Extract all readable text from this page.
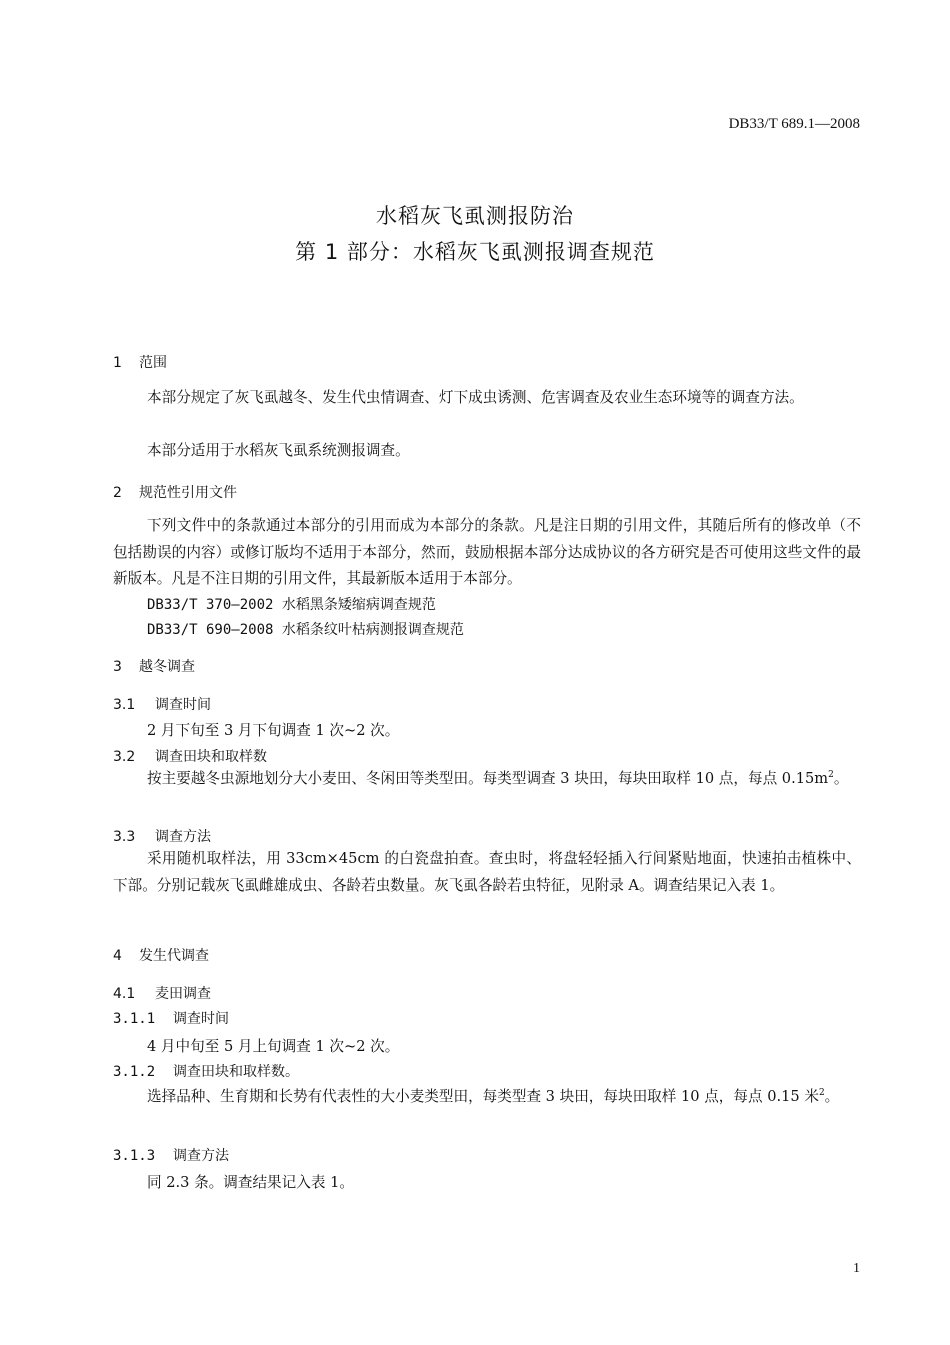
DB33/T 689.1—2008
水稻灰飞虱测报防治
第 1 部分：水稻灰飞虱测报调查规范
1 范围
本部分规定了灰飞虱越冬、发生代虫情调查、灯下成虫诱测、危害调查及农业生态环境等的调查方法。
本部分适用于水稻灰飞虱系统测报调查。
2 规范性引用文件
下列文件中的条款通过本部分的引用而成为本部分的条款。凡是注日期的引用文件，其随后所有的修改单（不包括勘误的内容）或修订版均不适用于本部分，然而，鼓励根据本部分达成协议的各方研究是否可使用这些文件的最新版本。凡是不注日期的引用文件，其最新版本适用于本部分。
DB33/T 370—2002 水稻黑条矮缩病调查规范
DB33/T 690—2008 水稻条纹叶枯病测报调查规范
3 越冬调查
3.1 调查时间
2 月下旬至 3 月下旬调查 1 次~2 次。
3.2 调查田块和取样数
按主要越冬虫源地划分大小麦田、冬闲田等类型田。每类型调查 3 块田，每块田取样 10 点，每点 $0.15m^2$。
3.3 调查方法
采用随机取样法，用 33cm×45cm 的白瓷盘拍查。查虫时，将盘轻轻插入行间紧贴地面，快速拍击植株中、下部。分别记载灰飞虱雌雄成虫、各龄若虫数量。灰飞虱各龄若虫特征，见附录 A。调查结果记入表 1。
4 发生代调查
4.1 麦田调查
3.1.1 调查时间
4 月中旬至 5 月上旬调查 1 次~2 次。
3.1.2 调查田块和取样数。
选择品种、生育期和长势有代表性的大小麦类型田，每类型查 3 块田，每块田取样 10 点，每点 0.15 米$^2$。
3.1.3 调查方法
同 2.3 条。调查结果记入表 1。
1
